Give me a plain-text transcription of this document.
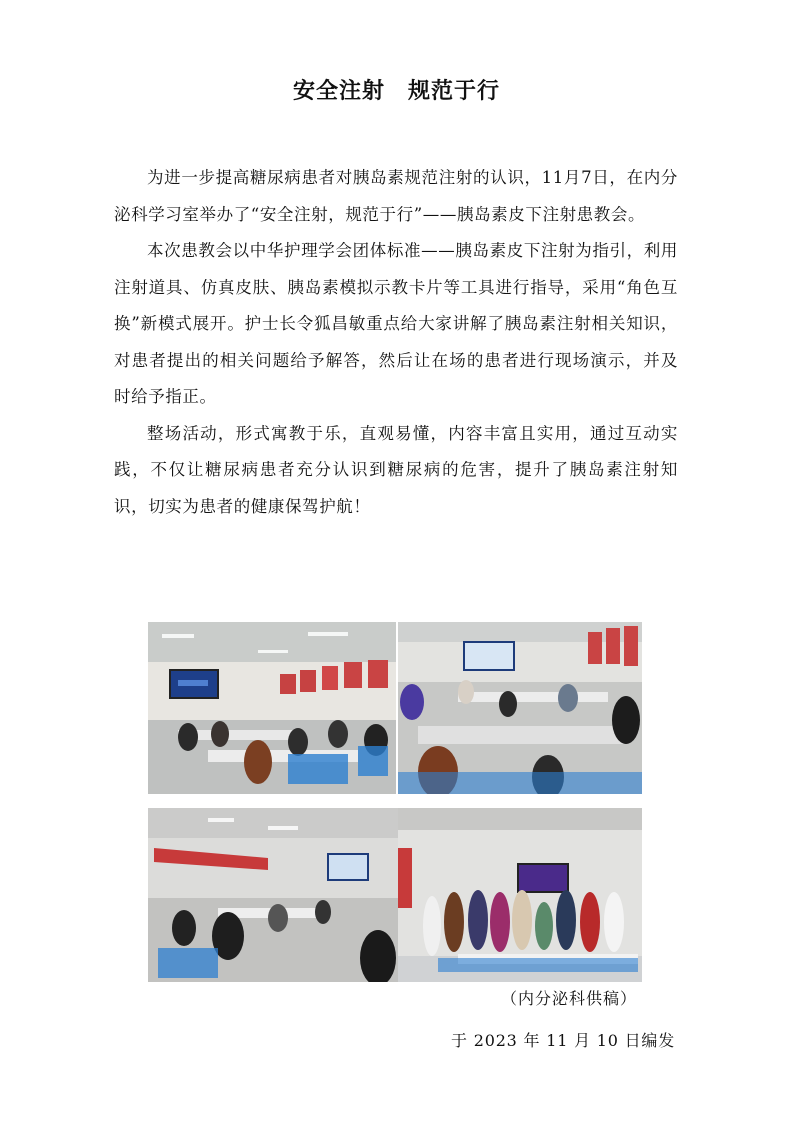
安全注射　规范于行

为进一步提高糖尿病患者对胰岛素规范注射的认识，11月7日，在内分泌科学习室举办了“安全注射，规范于行”——胰岛素皮下注射患教会。

本次患教会以中华护理学会团体标准——胰岛素皮下注射为指引，利用注射道具、仿真皮肤、胰岛素模拟示教卡片等工具进行指导，采用“角色互换”新模式展开。护士长令狐昌敏重点给大家讲解了胰岛素注射相关知识，对患者提出的相关问题给予解答，然后让在场的患者进行现场演示，并及时给予指正。

整场活动，形式寓教于乐，直观易懂，内容丰富且实用，通过互动实践，不仅让糖尿病患者充分认识到糖尿病的危害，提升了胰岛素注射知识，切实为患者的健康保驾护航！

（内分泌科供稿）
于 2023 年 11 月 10 日编发
